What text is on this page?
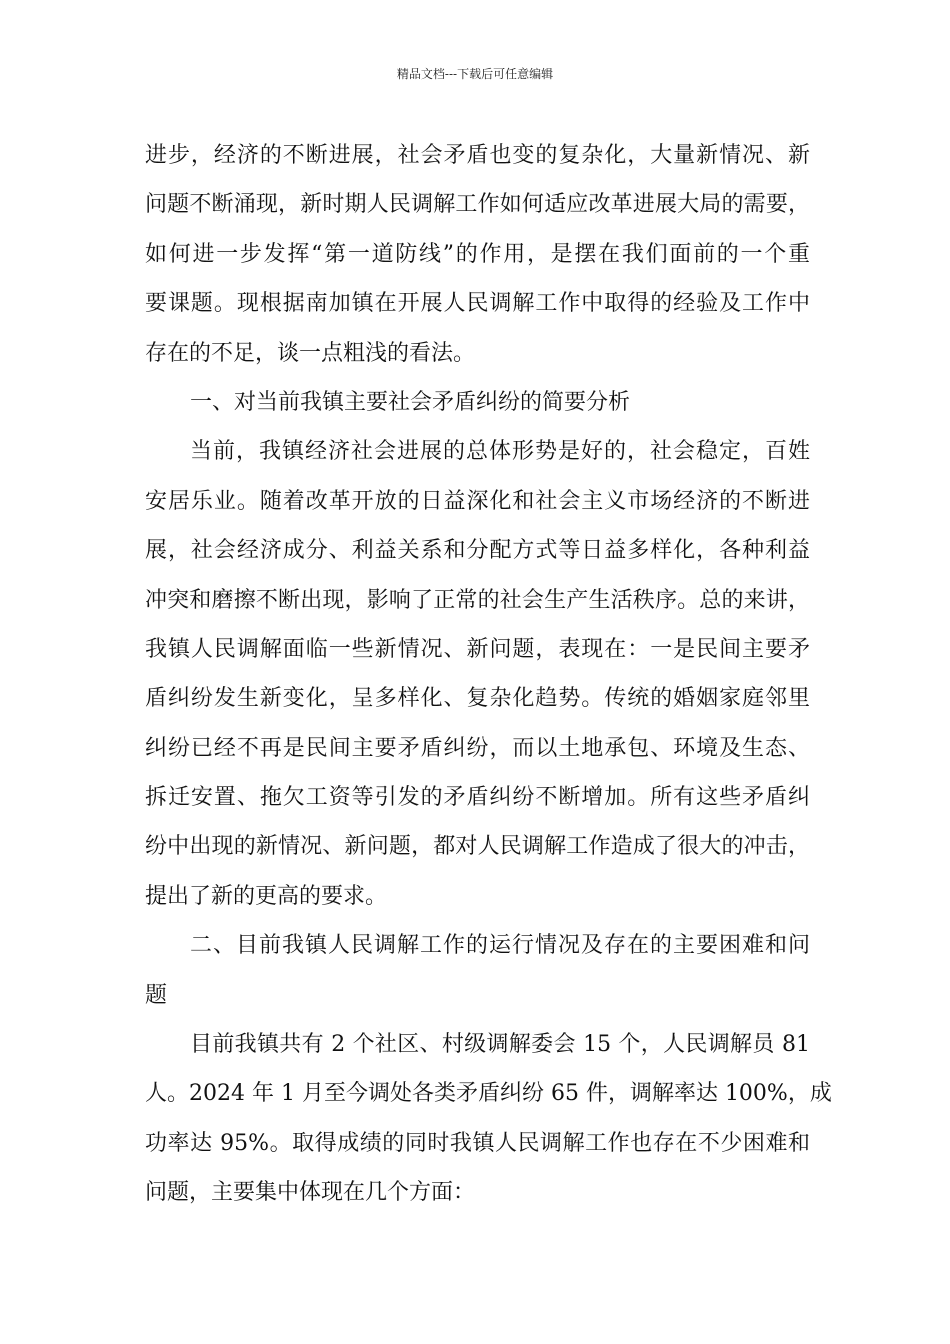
精品文档---下载后可任意编辑
进步，经济的不断进展，社会矛盾也变的复杂化，大量新情况、新
问题不断涌现，新时期人民调解工作如何适应改革进展大局的需要，
如何进一步发挥“第一道防线”的作用，是摆在我们面前的一个重
要课题。现根据南加镇在开展人民调解工作中取得的经验及工作中
存在的不足，谈一点粗浅的看法。
一、对当前我镇主要社会矛盾纠纷的简要分析
当前，我镇经济社会进展的总体形势是好的，社会稳定，百姓
安居乐业。随着改革开放的日益深化和社会主义市场经济的不断进
展，社会经济成分、利益关系和分配方式等日益多样化，各种利益
冲突和磨擦不断出现，影响了正常的社会生产生活秩序。总的来讲，
我镇人民调解面临一些新情况、新问题，表现在：一是民间主要矛
盾纠纷发生新变化，呈多样化、复杂化趋势。传统的婚姻家庭邻里
纠纷已经不再是民间主要矛盾纠纷，而以土地承包、环境及生态、
拆迁安置、拖欠工资等引发的矛盾纠纷不断增加。所有这些矛盾纠
纷中出现的新情况、新问题，都对人民调解工作造成了很大的冲击，
提出了新的更高的要求。
二、目前我镇人民调解工作的运行情况及存在的主要困难和问
题
目前我镇共有 2 个社区、村级调解委会 15 个，人民调解员 81
人。2024 年 1 月至今调处各类矛盾纠纷 65 件，调解率达 100%，成
功率达 95%。取得成绩的同时我镇人民调解工作也存在不少困难和
问题，主要集中体现在几个方面：
